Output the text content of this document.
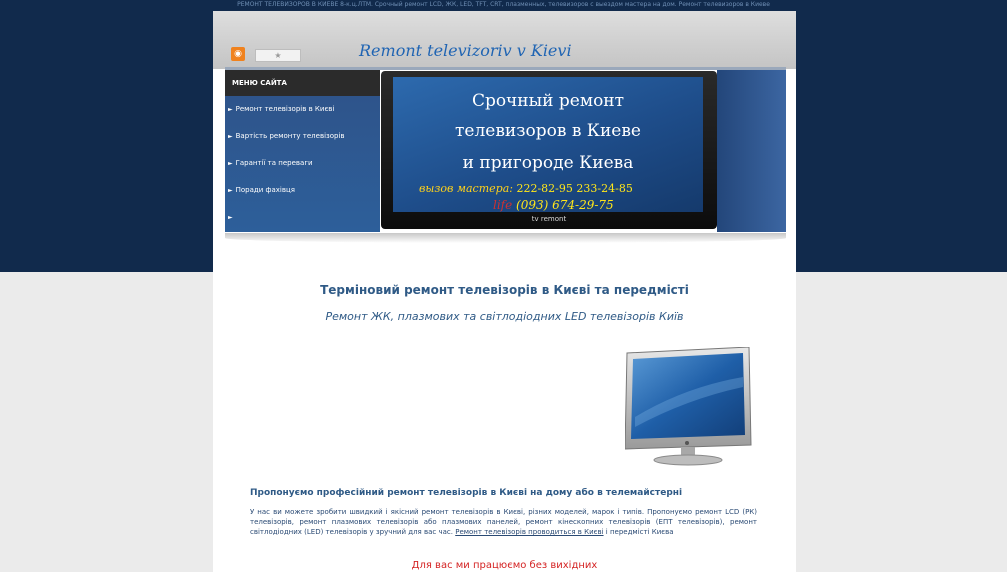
РЕМОНТ ТЕЛЕВИЗОРОВ В КИЕВЕ 8-к.ц.ЛТМ. Срочный ремонт LCD, ЖК, LED, TFT, CRT, плазменных, телевизоров с выездом мастера на дом. Ремонт телевизоров в Киеве
◉	★	Remont televizoriv v Kievi
МЕНЮ САЙТА
► Ремонт телевізорів в Києві
► Вартість ремонту телевізорів
► Гарантії та переваги
► Поради фахівця
►
Срочный ремонт
телевизоров в Киеве
и пригороде Киева
вызов мастера: 222-82-95 233-24-85
life (093) 674-29-75
tv remont
Терміновий ремонт телевізорів в Києві та передмісті
Ремонт ЖК, плазмових та світлодіодних LED телевізорів Київ
Пропонуємо професійний ремонт телевізорів в Києві на дому або в телемайстерні
У нас ви можете зробити швидкий і якісний ремонт телевізорів в Києві, різних моделей, марок і типів. Пропонуємо ремонт LCD (РК) телевізорів, ремонт плазмових телевізорів або плазмових панелей, ремонт кінескопних телевізорів (ЕПТ телевізорів), ремонт світлодіодних (LED) телевізорів у зручний для вас час. Ремонт телевізорів проводиться в Києві і передмісті Києва
Для вас ми працюємо без вихідних
